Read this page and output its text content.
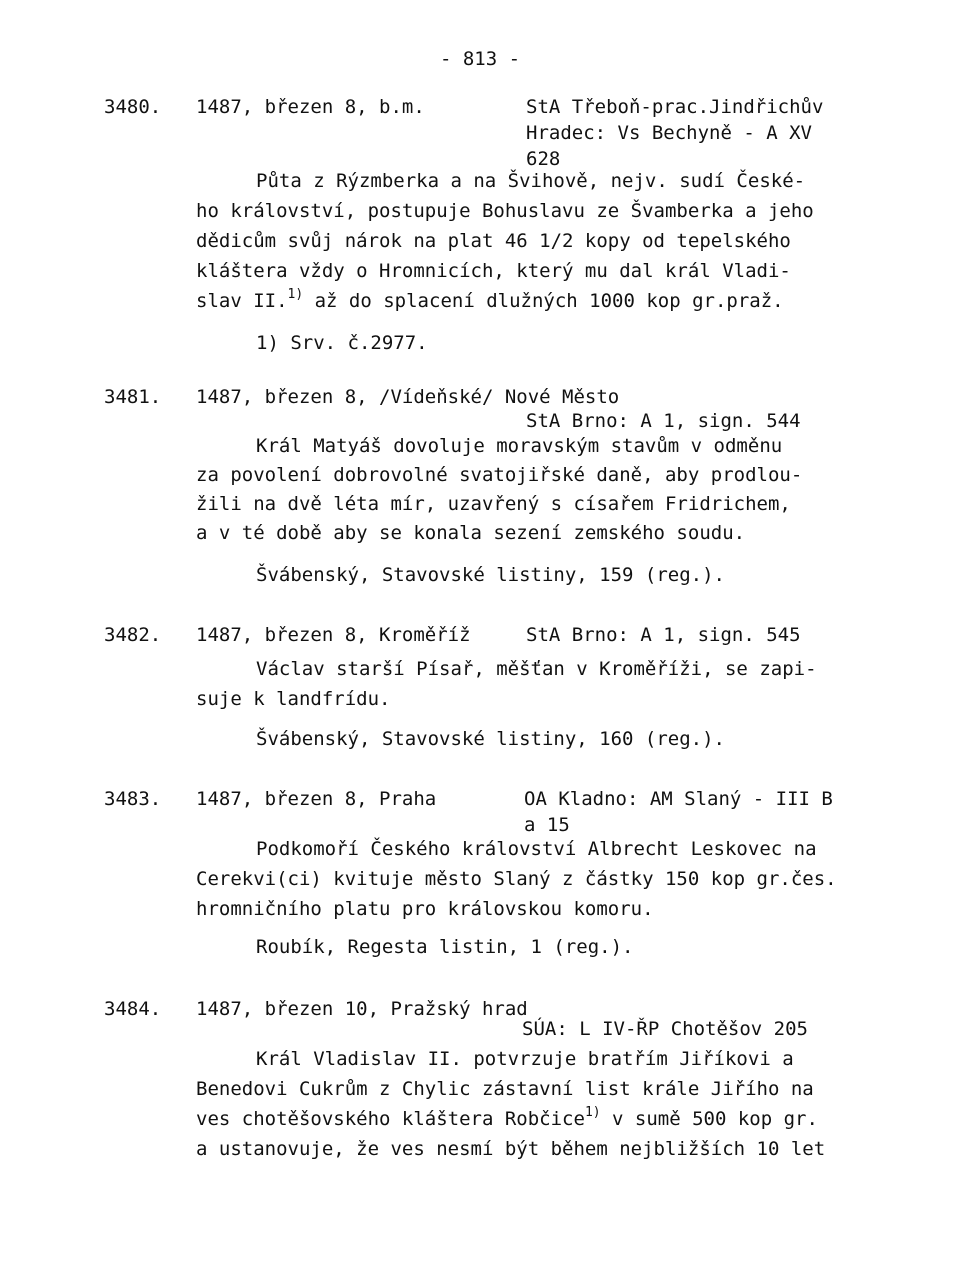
- 813 -
3480. 1487, březen 8, b.m.	StA Třeboň-prac.Jindřichův
Hradec: Vs Bechyně - A XV
628
Půta z Rýzmberka a na Švihově, nejv. sudí České-
ho království, postupuje Bohuslavu ze Švamberka a jeho
dědicům svůj nárok na plat 46 1/2 kopy od tepelského
kláštera vždy o Hromnicích, který mu dal král Vladi-
slav II.$^{1)}$ až do splacení dlužných 1000 kop gr.praž.
1) Srv. č.2977.
3481. 1487, březen 8, /Vídeňské/ Nové Město
StA Brno: A 1, sign. 544
Král Matyáš dovoluje moravským stavům v odměnu
za povolení dobrovolné svatojiřské daně, aby prodlou-
žili na dvě léta mír, uzavřený s císařem Fridrichem,
a v té době aby se konala sezení zemského soudu.
Švábenský, Stavovské listiny, 159 (reg.).
3482. 1487, březen 8, Kroměříž	StA Brno: A 1, sign. 545
Václav starší Písař, měšťan v Kroměříži, se zapi-
suje k landfrídu.
Švábenský, Stavovské listiny, 160 (reg.).
3483. 1487, březen 8, Praha	OA Kladno: AM Slaný - III B
a 15
Podkomoří Českého království Albrecht Leskovec na
Cerekvi(ci) kvituje město Slaný z částky 150 kop gr.čes.
hromničního platu pro královskou komoru.
Roubík, Regesta listin, 1 (reg.).
3484. 1487, březen 10, Pražský hrad
SÚA: L IV-ŘP Chotěšov 205
Král Vladislav II. potvrzuje bratřím Jiříkovi a
Benedovi Cukrům z Chylic zástavní list krále Jiřího na
ves chotěšovského kláštera Robčice$^{1)}$ v sumě 500 kop gr.
a ustanovuje, že ves nesmí být během nejbližších 10 let
